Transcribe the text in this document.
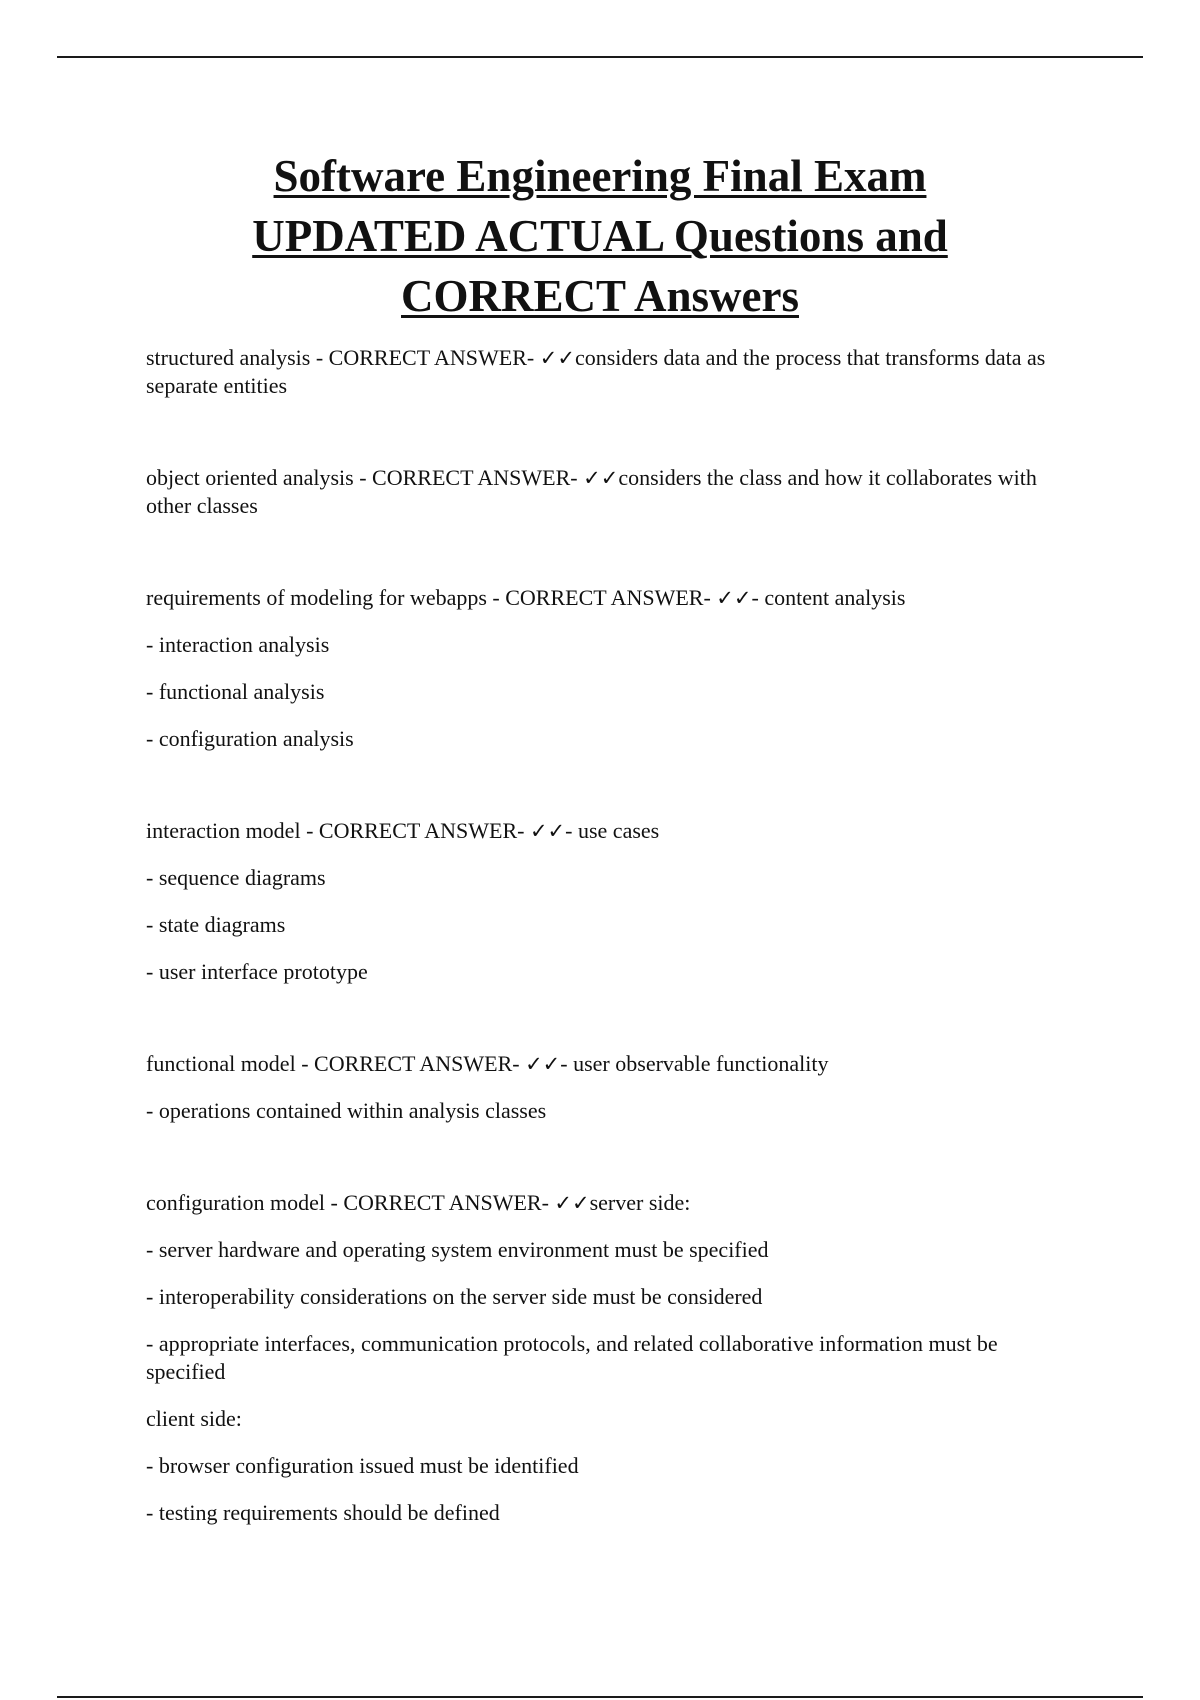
Software Engineering Final Exam
UPDATED ACTUAL Questions and
CORRECT Answers

structured analysis - CORRECT ANSWER- ✓✓considers data and the process that transforms data as separate entities

object oriented analysis - CORRECT ANSWER- ✓✓considers the class and how it collaborates with other classes

requirements of modeling for webapps - CORRECT ANSWER- ✓✓- content analysis

- interaction analysis

- functional analysis

- configuration analysis

interaction model - CORRECT ANSWER- ✓✓- use cases

- sequence diagrams

- state diagrams

- user interface prototype

functional model - CORRECT ANSWER- ✓✓- user observable functionality

- operations contained within analysis classes

configuration model - CORRECT ANSWER- ✓✓server side:

- server hardware and operating system environment must be specified

- interoperability considerations on the server side must be considered

- appropriate interfaces, communication protocols, and related collaborative information must be specified

client side:

- browser configuration issued must be identified

- testing requirements should be defined
